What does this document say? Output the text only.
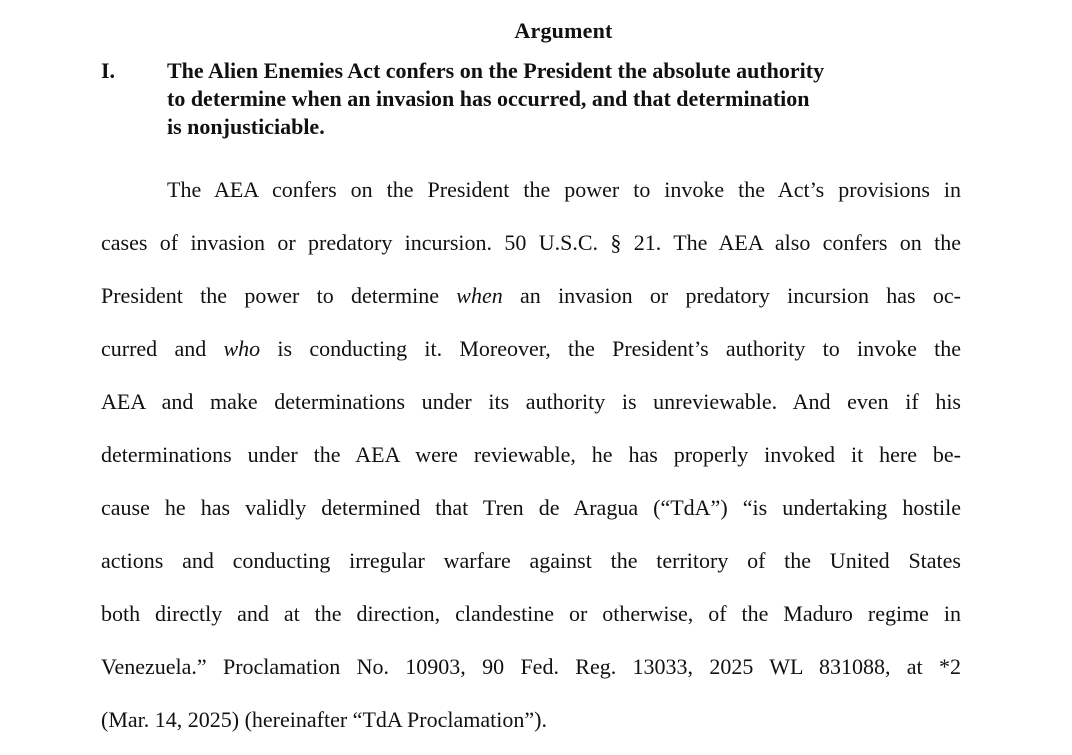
Argument
I. The Alien Enemies Act confers on the President the absolute authority
to determine when an invasion has occurred, and that determination
is nonjusticiable.
The AEA confers on the President the power to invoke the Act’s provisions in
cases of invasion or predatory incursion. 50 U.S.C. § 21. The AEA also confers on the
President the power to determine when an invasion or predatory incursion has oc-
curred and who is conducting it. Moreover, the President’s authority to invoke the
AEA and make determinations under its authority is unreviewable. And even if his
determinations under the AEA were reviewable, he has properly invoked it here be-
cause he has validly determined that Tren de Aragua (“TdA”) “is undertaking hostile
actions and conducting irregular warfare against the territory of the United States
both directly and at the direction, clandestine or otherwise, of the Maduro regime in
Venezuela.” Proclamation No. 10903, 90 Fed. Reg. 13033, 2025 WL 831088, at *2
(Mar. 14, 2025) (hereinafter “TdA Proclamation”).
